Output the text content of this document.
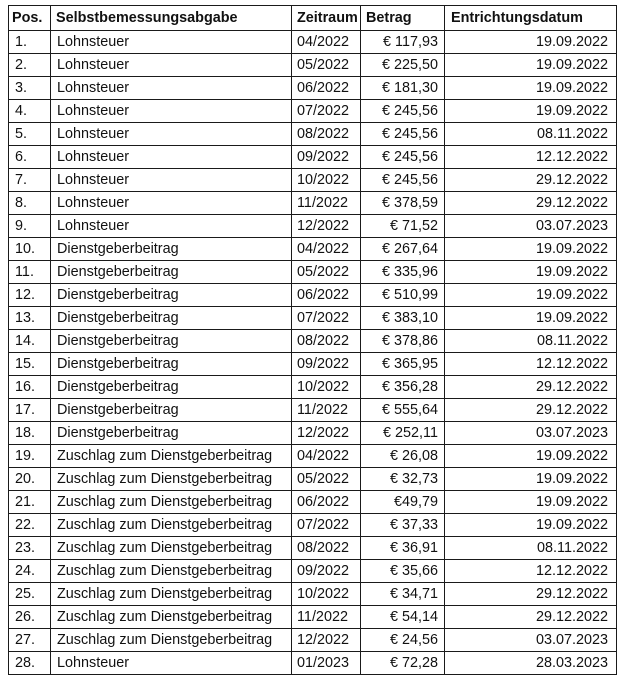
Pos.	Selbstbemessungsabgabe	Zeitraum	Betrag	Entrichtungsdatum
1.	Lohnsteuer	04/2022	€ 117,93	19.09.2022
2.	Lohnsteuer	05/2022	€ 225,50	19.09.2022
3.	Lohnsteuer	06/2022	€ 181,30	19.09.2022
4.	Lohnsteuer	07/2022	€ 245,56	19.09.2022
5.	Lohnsteuer	08/2022	€ 245,56	08.11.2022
6.	Lohnsteuer	09/2022	€ 245,56	12.12.2022
7.	Lohnsteuer	10/2022	€ 245,56	29.12.2022
8.	Lohnsteuer	11/2022	€ 378,59	29.12.2022
9.	Lohnsteuer	12/2022	€ 71,52	03.07.2023
10.	Dienstgeberbeitrag	04/2022	€ 267,64	19.09.2022
11.	Dienstgeberbeitrag	05/2022	€ 335,96	19.09.2022
12.	Dienstgeberbeitrag	06/2022	€ 510,99	19.09.2022
13.	Dienstgeberbeitrag	07/2022	€ 383,10	19.09.2022
14.	Dienstgeberbeitrag	08/2022	€ 378,86	08.11.2022
15.	Dienstgeberbeitrag	09/2022	€ 365,95	12.12.2022
16.	Dienstgeberbeitrag	10/2022	€ 356,28	29.12.2022
17.	Dienstgeberbeitrag	11/2022	€ 555,64	29.12.2022
18.	Dienstgeberbeitrag	12/2022	€ 252,11	03.07.2023
19.	Zuschlag zum Dienstgeberbeitrag	04/2022	€ 26,08	19.09.2022
20.	Zuschlag zum Dienstgeberbeitrag	05/2022	€ 32,73	19.09.2022
21.	Zuschlag zum Dienstgeberbeitrag	06/2022	€49,79	19.09.2022
22.	Zuschlag zum Dienstgeberbeitrag	07/2022	€ 37,33	19.09.2022
23.	Zuschlag zum Dienstgeberbeitrag	08/2022	€ 36,91	08.11.2022
24.	Zuschlag zum Dienstgeberbeitrag	09/2022	€ 35,66	12.12.2022
25.	Zuschlag zum Dienstgeberbeitrag	10/2022	€ 34,71	29.12.2022
26.	Zuschlag zum Dienstgeberbeitrag	11/2022	€ 54,14	29.12.2022
27.	Zuschlag zum Dienstgeberbeitrag	12/2022	€ 24,56	03.07.2023
28.	Lohnsteuer	01/2023	€ 72,28	28.03.2023
